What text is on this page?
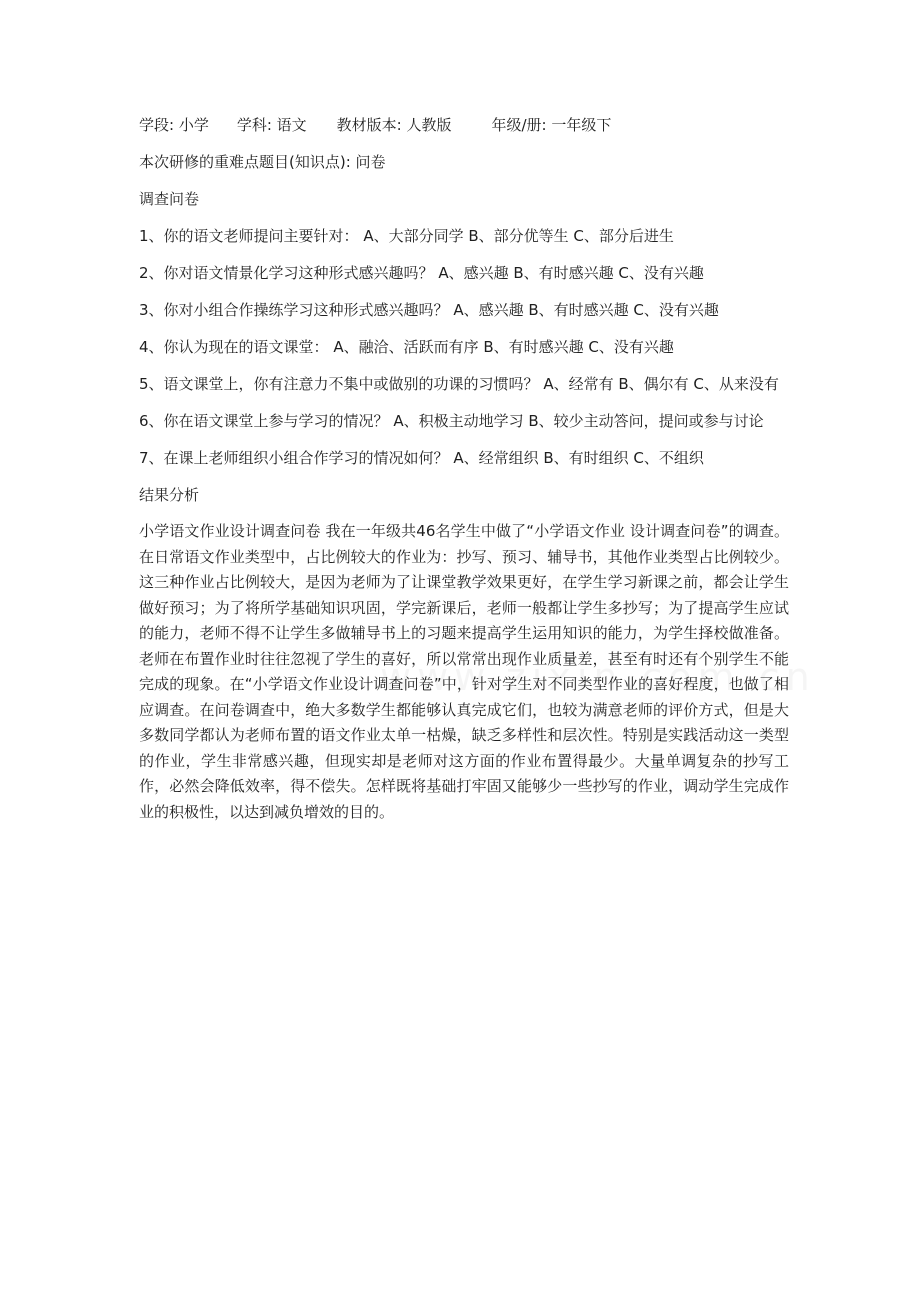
学段: 小学 学科: 语文 教材版本: 人教版	年级/册: 一年级下

本次研修的重难点题目(知识点): 问卷

调查问卷

1、你的语文老师提问主要针对： A、大部分同学 B、部分优等生 C、部分后进生

2、你对语文情景化学习这种形式感兴趣吗？ A、感兴趣 B、有时感兴趣 C、没有兴趣

3、你对小组合作操练学习这种形式感兴趣吗？ A、感兴趣 B、有时感兴趣 C、没有兴趣

4、你认为现在的语文课堂： A、融洽、活跃而有序 B、有时感兴趣 C、没有兴趣

5、语文课堂上，你有注意力不集中或做别的功课的习惯吗？ A、经常有 B、偶尔有 C、从来没有

6、你在语文课堂上参与学习的情况？ A、积极主动地学习 B、较少主动答问，提问或参与讨论

7、在课上老师组织小组合作学习的情况如何？ A、经常组织 B、有时组织 C、不组织

结果分析

小学语文作业设计调查问卷 我在一年级共46名学生中做了“小学语文作业 设计调查问卷”的调查。在日常语文作业类型中，占比例较大的作业为：抄写、预习、辅导书，其他作业类型占比例较少。这三种作业占比例较大，是因为老师为了让课堂教学效果更好，在学生学习新课之前，都会让学生做好预习；为了将所学基础知识巩固，学完新课后，老师一般都让学生多抄写；为了提高学生应试的能力，老师不得不让学生多做辅导书上的习题来提高学生运用知识的能力，为学生择校做准备。 老师在布置作业时往往忽视了学生的喜好，所以常常出现作业质量差，甚至有时还有个别学生不能完成的现象。在“小学语文作业设计调查问卷”中，针对学生对不同类型作业的喜好程度，也做了相应调查。在问卷调查中，绝大多数学生都能够认真完成它们，也较为满意老师的评价方式，但是大多数同学都认为老师布置的语文作业太单一枯燥，缺乏多样性和层次性。特别是实践活动这一类型的作业，学生非常感兴趣，但现实却是老师对这方面的作业布置得最少。大量单调复杂的抄写工作，必然会降低效率，得不偿失。怎样既将基础打牢固又能够少一些抄写的作业，调动学生完成作业的积极性，以达到减负增效的目的。
